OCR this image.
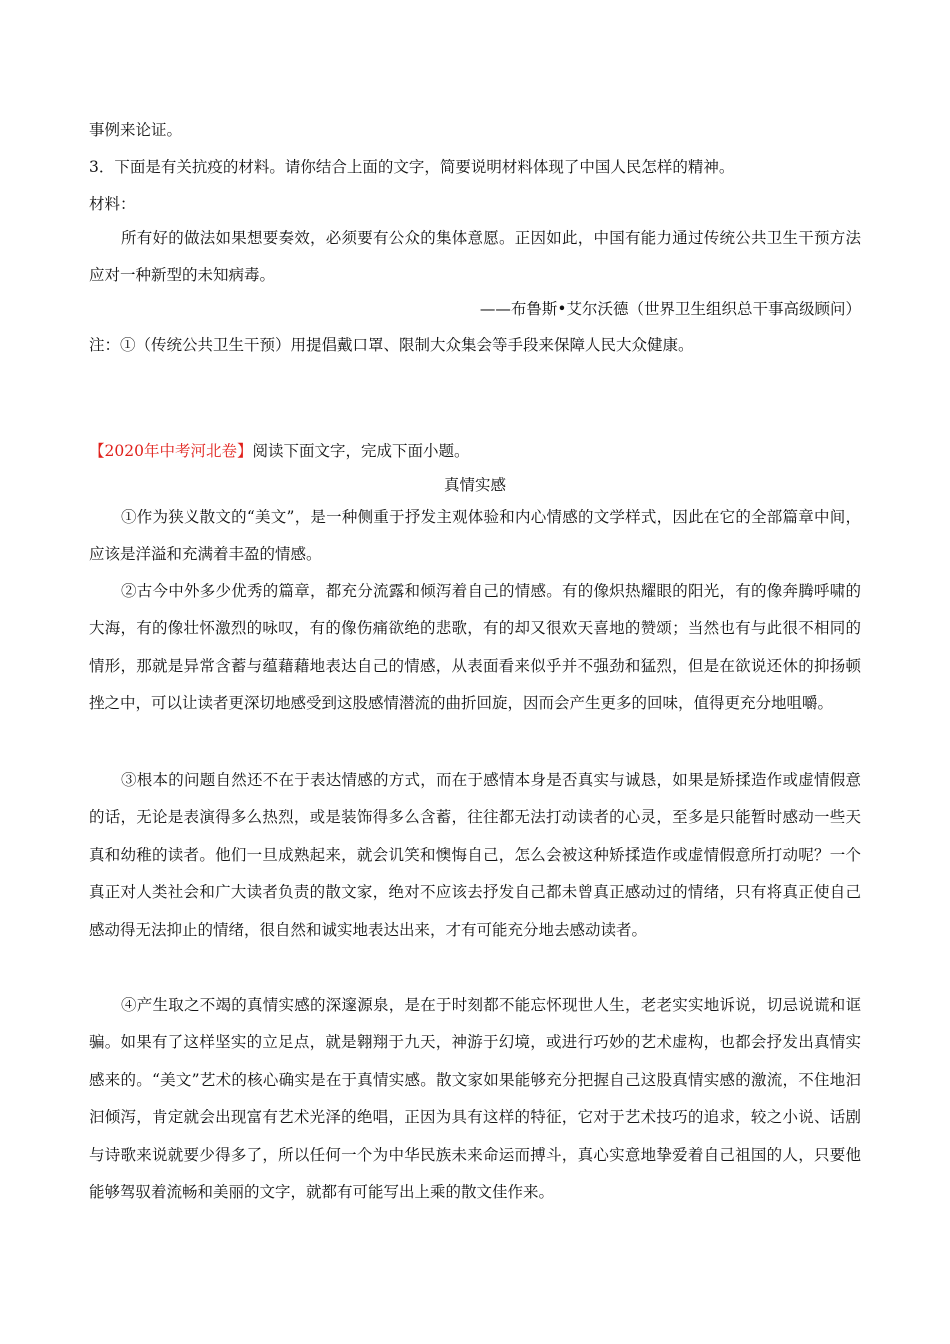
事例来论证。
3．下面是有关抗疫的材料。请你结合上面的文字，简要说明材料体现了中国人民怎样的精神。
材料：

所有好的做法如果想要奏效，必须要有公众的集体意愿。正因如此，中国有能力通过传统公共卫生干预方法应对一种新型的未知病毒。

——布鲁斯•艾尔沃德（世界卫生组织总干事高级顾问）
注：①（传统公共卫生干预）用提倡戴口罩、限制大众集会等手段来保障人民大众健康。
【2020年中考河北卷】阅读下面文字，完成下面小题。
真情实感

①作为狭义散文的“美文”，是一种侧重于抒发主观体验和内心情感的文学样式，因此在它的全部篇章中间，应该是洋溢和充满着丰盈的情感。

②古今中外多少优秀的篇章，都充分流露和倾泻着自己的情感。有的像炽热耀眼的阳光，有的像奔腾呼啸的大海，有的像壮怀激烈的咏叹，有的像伤痛欲绝的悲歌，有的却又很欢天喜地的赞颂；当然也有与此很不相同的情形，那就是异常含蓄与蕴藉藉地表达自己的情感，从表面看来似乎并不强劲和猛烈，但是在欲说还休的抑扬顿挫之中，可以让读者更深切地感受到这股感情潜流的曲折回旋，因而会产生更多的回味，值得更充分地咀嚼。

③根本的问题自然还不在于表达情感的方式，而在于感情本身是否真实与诚恳，如果是矫揉造作或虚情假意的话，无论是表演得多么热烈，或是装饰得多么含蓄，往往都无法打动读者的心灵，至多是只能暂时感动一些天真和幼稚的读者。他们一旦成熟起来，就会讥笑和懊悔自己，怎么会被这种矫揉造作或虚情假意所打动呢？一个真正对人类社会和广大读者负责的散文家，绝对不应该去抒发自己都未曾真正感动过的情绪，只有将真正使自己感动得无法抑止的情绪，很自然和诚实地表达出来，才有可能充分地去感动读者。

④产生取之不竭的真情实感的深邃源泉，是在于时刻都不能忘怀现世人生，老老实实地诉说，切忌说谎和诓骗。如果有了这样坚实的立足点，就是翱翔于九天，神游于幻境，或进行巧妙的艺术虚构，也都会抒发出真情实感来的。“美文”艺术的核心确实是在于真情实感。散文家如果能够充分把握自己这股真情实感的激流，不住地汩汩倾泻，肯定就会出现富有艺术光泽的绝唱，正因为具有这样的特征，它对于艺术技巧的追求，较之小说、话剧与诗歌来说就要少得多了，所以任何一个为中华民族未来命运而搏斗，真心实意地挚爱着自己祖国的人，只要他能够驾驭着流畅和美丽的文字，就都有可能写出上乘的散文佳作来。
